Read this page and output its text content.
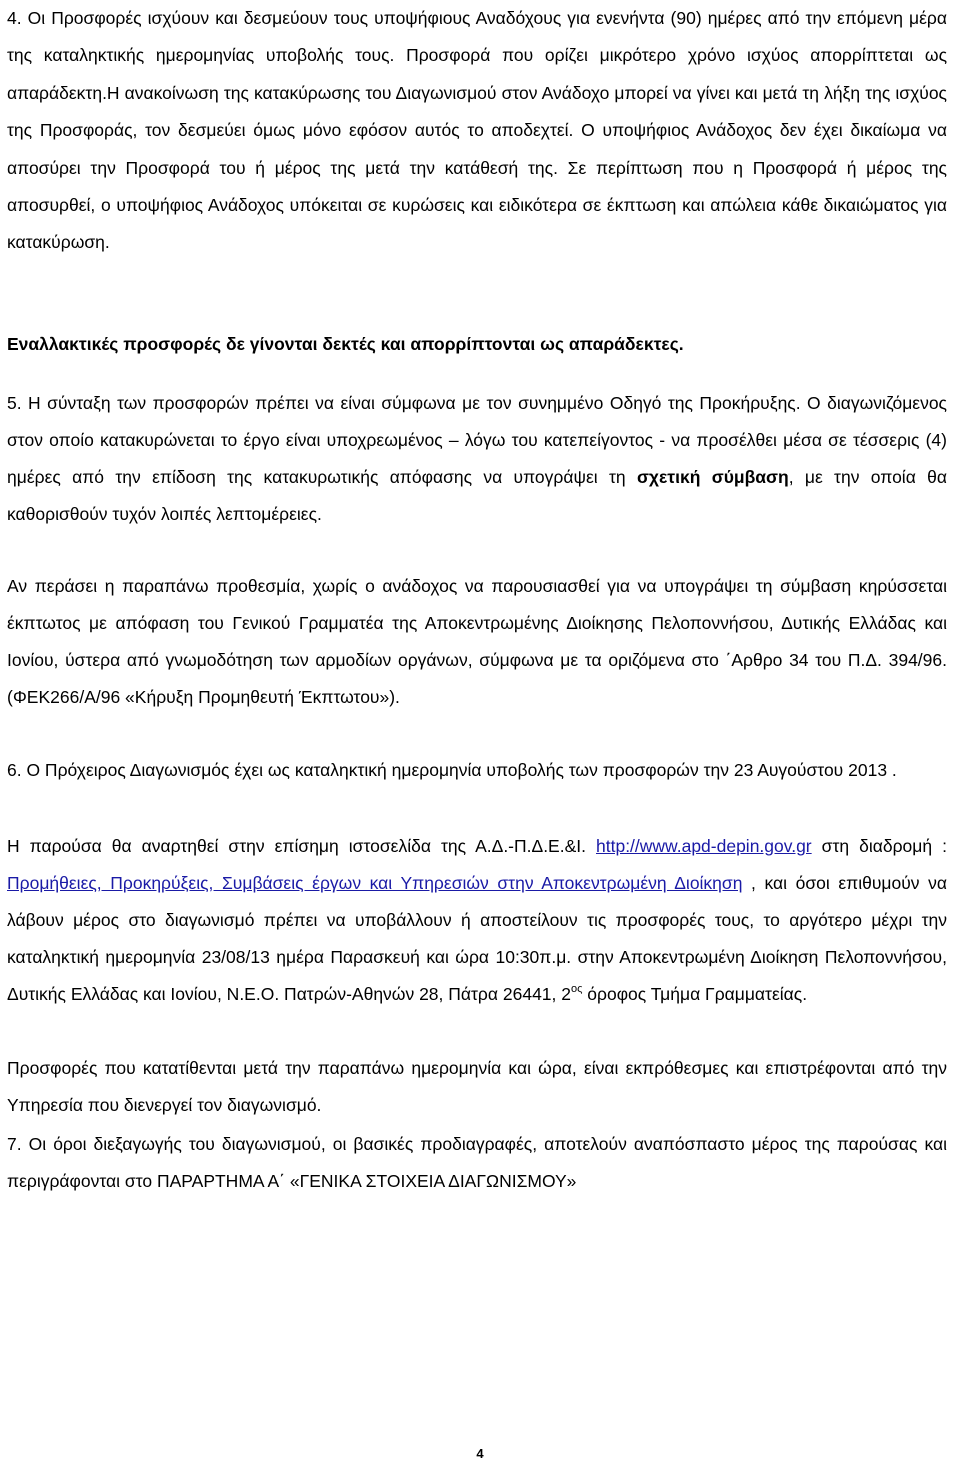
4. Οι Προσφορές ισχύουν και δεσμεύουν τους υποψήφιους Αναδόχους για ενενήντα (90) ημέρες από την επόμενη μέρα της καταληκτικής ημερομηνίας υποβολής τους. Προσφορά που ορίζει μικρότερο χρόνο ισχύος απορρίπτεται ως απαράδεκτη.Η ανακοίνωση της κατακύρωσης του Διαγωνισμού στον Ανάδοχο μπορεί να γίνει και μετά τη λήξη της ισχύος της Προσφοράς, τον δεσμεύει όμως μόνο εφόσον αυτός το αποδεχτεί. Ο υποψήφιος Ανάδοχος δεν έχει δικαίωμα να αποσύρει την Προσφορά του ή μέρος της μετά την κατάθεσή της. Σε περίπτωση που η Προσφορά ή μέρος της αποσυρθεί, ο υποψήφιος Ανάδοχος υπόκειται σε κυρώσεις και ειδικότερα σε έκπτωση και απώλεια κάθε δικαιώματος για κατακύρωση.

Εναλλακτικές προσφορές δε γίνονται δεκτές και απορρίπτονται ως απαράδεκτες.

5. Η σύνταξη των προσφορών πρέπει να είναι σύμφωνα με τον συνημμένο Οδηγό της Προκήρυξης. Ο διαγωνιζόμενος στον οποίο κατακυρώνεται το έργο είναι υποχρεωμένος – λόγω του κατεπείγοντος - να προσέλθει μέσα σε τέσσερις (4) ημέρες από την επίδοση της κατακυρωτικής απόφασης να υπογράψει τη σχετική σύμβαση, με την οποία θα καθορισθούν τυχόν λοιπές λεπτομέρειες.

Αν περάσει η παραπάνω προθεσμία, χωρίς ο ανάδοχος να παρουσιασθεί για να υπογράψει τη σύμβαση κηρύσσεται έκπτωτος με απόφαση του Γενικού Γραμματέα της Αποκεντρωμένης Διοίκησης Πελοποννήσου, Δυτικής Ελλάδας και Ιονίου, ύστερα από γνωμοδότηση των αρμοδίων οργάνων, σύμφωνα με τα οριζόμενα στο ΄Αρθρο 34 του Π.Δ. 394/96.(ΦΕΚ266/Α/96 «Κήρυξη Προμηθευτή Έκπτωτου»).

6. Ο Πρόχειρος Διαγωνισμός έχει ως καταληκτική ημερομηνία υποβολής των προσφορών την 23 Αυγούστου 2013 .

Η παρούσα θα αναρτηθεί στην επίσημη ιστοσελίδα της Α.Δ.-Π.Δ.Ε.&Ι. http://www.apd-depin.gov.gr στη διαδρομή : Προμήθειες, Προκηρύξεις, Συμβάσεις έργων και Υπηρεσιών στην Αποκεντρωμένη Διοίκηση , και όσοι επιθυμούν να λάβουν μέρος στο διαγωνισμό πρέπει να υποβάλλουν ή αποστείλουν τις προσφορές τους, το αργότερο μέχρι την καταληκτική ημερομηνία 23/08/13 ημέρα Παρασκευή και ώρα 10:30π.μ. στην Αποκεντρωμένη Διοίκηση Πελοποννήσου, Δυτικής Ελλάδας και Ιονίου, Ν.Ε.Ο. Πατρών-Αθηνών 28, Πάτρα 26441, $2^{o\varsigma}$ όροφος Τμήμα Γραμματείας.

Προσφορές που κατατίθενται μετά την παραπάνω ημερομηνία και ώρα, είναι εκπρόθεσμες και επιστρέφονται από την Υπηρεσία που διενεργεί τον διαγωνισμό.

7. Οι όροι διεξαγωγής του διαγωνισμού, οι βασικές προδιαγραφές, αποτελούν αναπόσπαστο μέρος της παρούσας και περιγράφονται στο ΠΑΡΑΡΤΗΜΑ Α΄ «ΓΕΝΙΚΑ ΣΤΟΙΧΕΙΑ ΔΙΑΓΩΝΙΣΜΟΥ»

4
